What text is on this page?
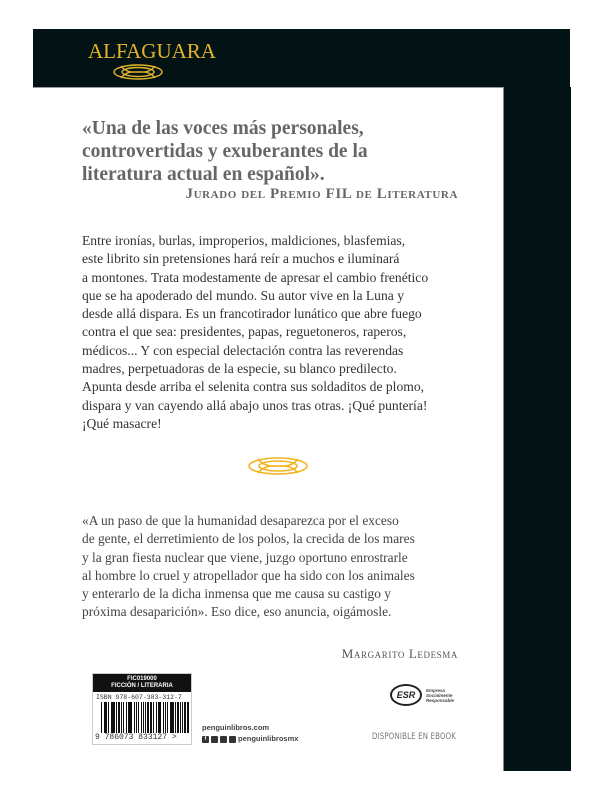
ALFAGUARA
«Una de las voces más personales,
controvertidas y exuberantes de la
literatura actual en español».
Jurado del Premio FIL de Literatura
Entre ironías, burlas, improperios, maldiciones, blasfemias,
este librito sin pretensiones hará reír a muchos e iluminará
a montones. Trata modestamente de apresar el cambio frenético
que se ha apoderado del mundo. Su autor vive en la Luna y
desde allá dispara. Es un francotirador lunático que abre fuego
contra el que sea: presidentes, papas, reguetoneros, raperos,
médicos... Y con especial delectación contra las reverendas
madres, perpetuadoras de la especie, su blanco predilecto.
Apunta desde arriba el selenita contra sus soldaditos de plomo,
dispara y van cayendo allá abajo unos tras otras. ¡Qué puntería!
¡Qué masacre!
«A un paso de que la humanidad desaparezca por el exceso
de gente, el derretimiento de los polos, la crecida de los mares
y la gran fiesta nuclear que viene, juzgo oportuno enrostrarle
al hombre lo cruel y atropellador que ha sido con los animales
y enterarlo de la dicha inmensa que me causa su castigo y
próxima desaparición». Eso dice, eso anuncia, oigámosle.
Margarito Ledesma
FIC019000
FICCIÓN / LITERARIA
ISBN 978-607-383-312-7
9 786073 833127 >
penguinlibros.com
f	penguinlibrosmx
ESR	Empresa
Socialmente
Responsable
DISPONIBLE EN EBOOK
